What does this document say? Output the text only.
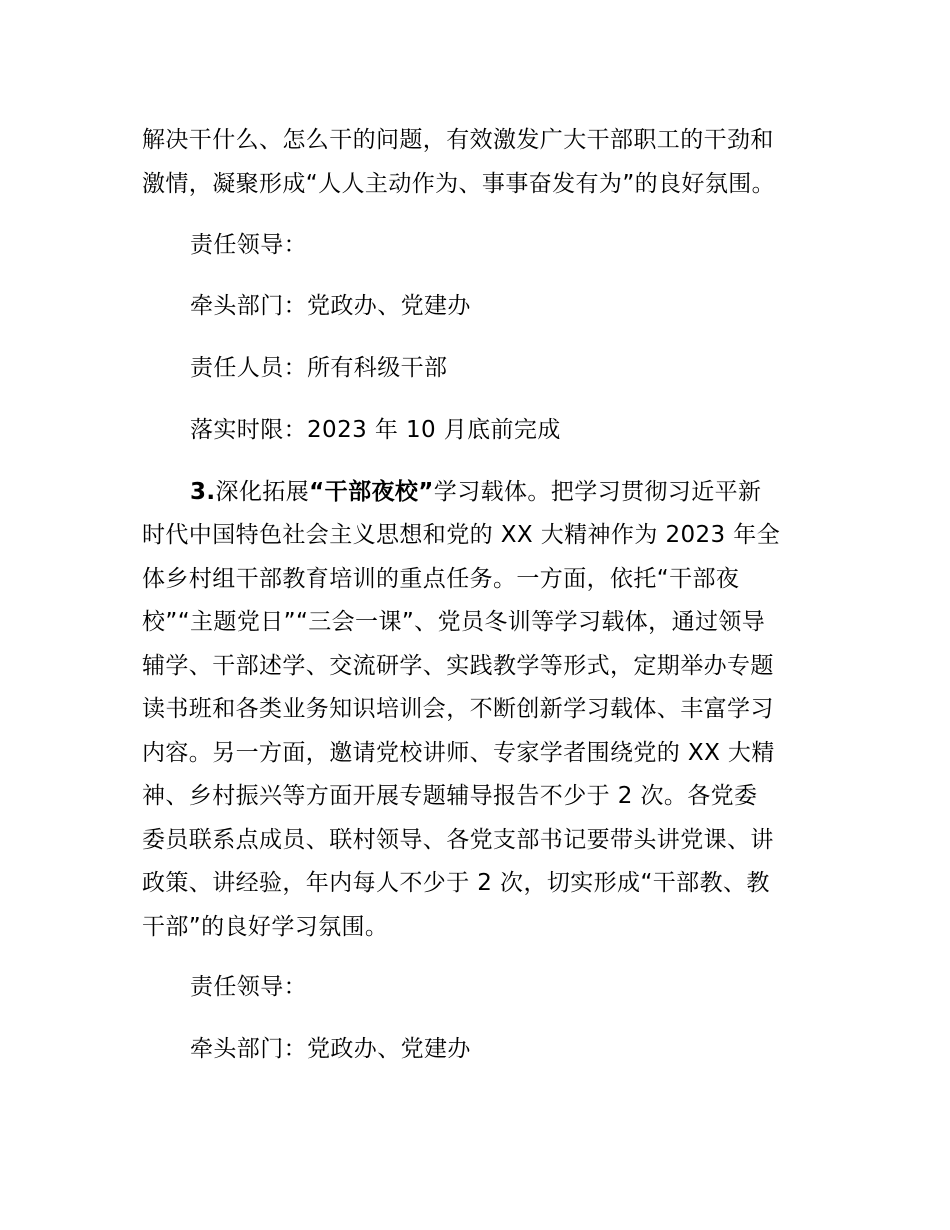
解决干什么、怎么干的问题，有效激发广大干部职工的干劲和
激情，凝聚形成“人人主动作为、事事奋发有为”的良好氛围。
责任领导：
牵头部门：党政办、党建办
责任人员：所有科级干部
落实时限：2023 年 10 月底前完成
3.深化拓展“干部夜校”学习载体。把学习贯彻习近平新
时代中国特色社会主义思想和党的 XX 大精神作为 2023 年全
体乡村组干部教育培训的重点任务。一方面，依托“干部夜
校”“主题党日”“三会一课”、党员冬训等学习载体，通过领导
辅学、干部述学、交流研学、实践教学等形式，定期举办专题
读书班和各类业务知识培训会，不断创新学习载体、丰富学习
内容。另一方面，邀请党校讲师、专家学者围绕党的 XX 大精
神、乡村振兴等方面开展专题辅导报告不少于 2 次。各党委
委员联系点成员、联村领导、各党支部书记要带头讲党课、讲
政策、讲经验，年内每人不少于 2 次，切实形成“干部教、教
干部”的良好学习氛围。
责任领导：
牵头部门：党政办、党建办
